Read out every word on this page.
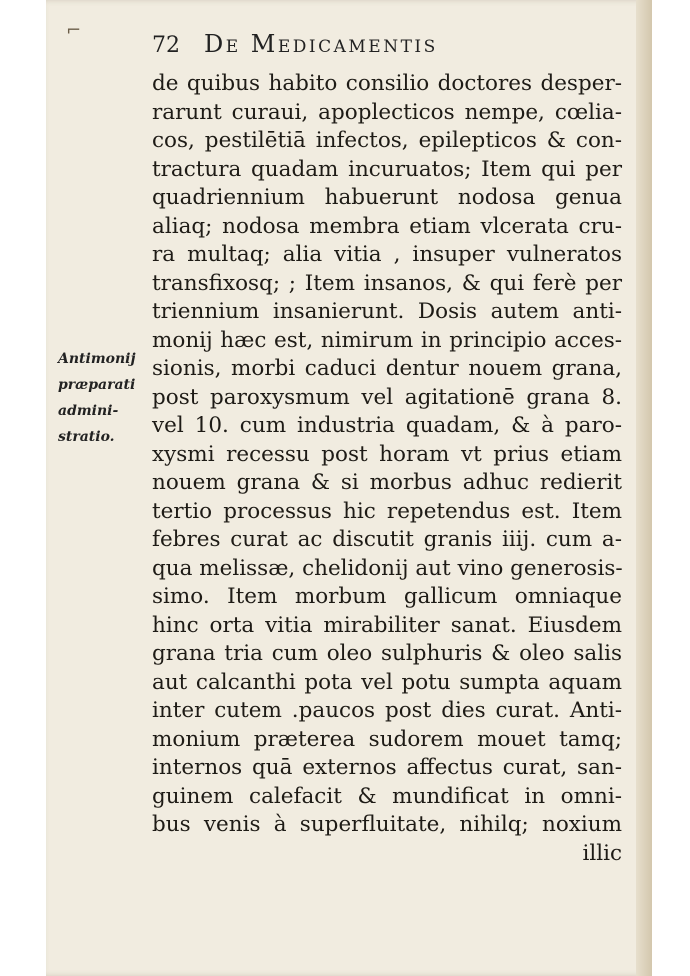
⌐
72 De Medicamentis
Antimonij
præparati
admini-
stratio.
de quibus habito consilio doctores desper-
rarunt curaui, apoplecticos nempe, cœlia-
cos, pestilētiā infectos, epilepticos & con-
tractura quadam incuruatos; Item qui per
quadriennium habuerunt nodosa genua
aliaq; nodosa membra etiam vlcerata cru-
ra multaq; alia vitia , insuper vulneratos
transfixosq; ; Item insanos, & qui ferè per
triennium insanierunt. Dosis autem anti-
monij hæc est, nimirum in principio acces-
sionis, morbi caduci dentur nouem grana,
post paroxysmum vel agitationē grana 8.
vel 10. cum industria quadam, & à paro-
xysmi recessu post horam vt prius etiam
nouem grana & si morbus adhuc redierit
tertio processus hic repetendus est. Item
febres curat ac discutit granis iiij. cum a-
qua melissæ, chelidonij aut vino generosis-
simo. Item morbum gallicum omniaque
hinc orta vitia mirabiliter sanat. Eiusdem
grana tria cum oleo sulphuris & oleo salis
aut calcanthi pota vel potu sumpta aquam
inter cutem .paucos post dies curat. Anti-
monium præterea sudorem mouet tamq;
internos quā externos affectus curat, san-
guinem calefacit & mundificat in omni-
bus venis à superfluitate, nihilq; noxium
illic
